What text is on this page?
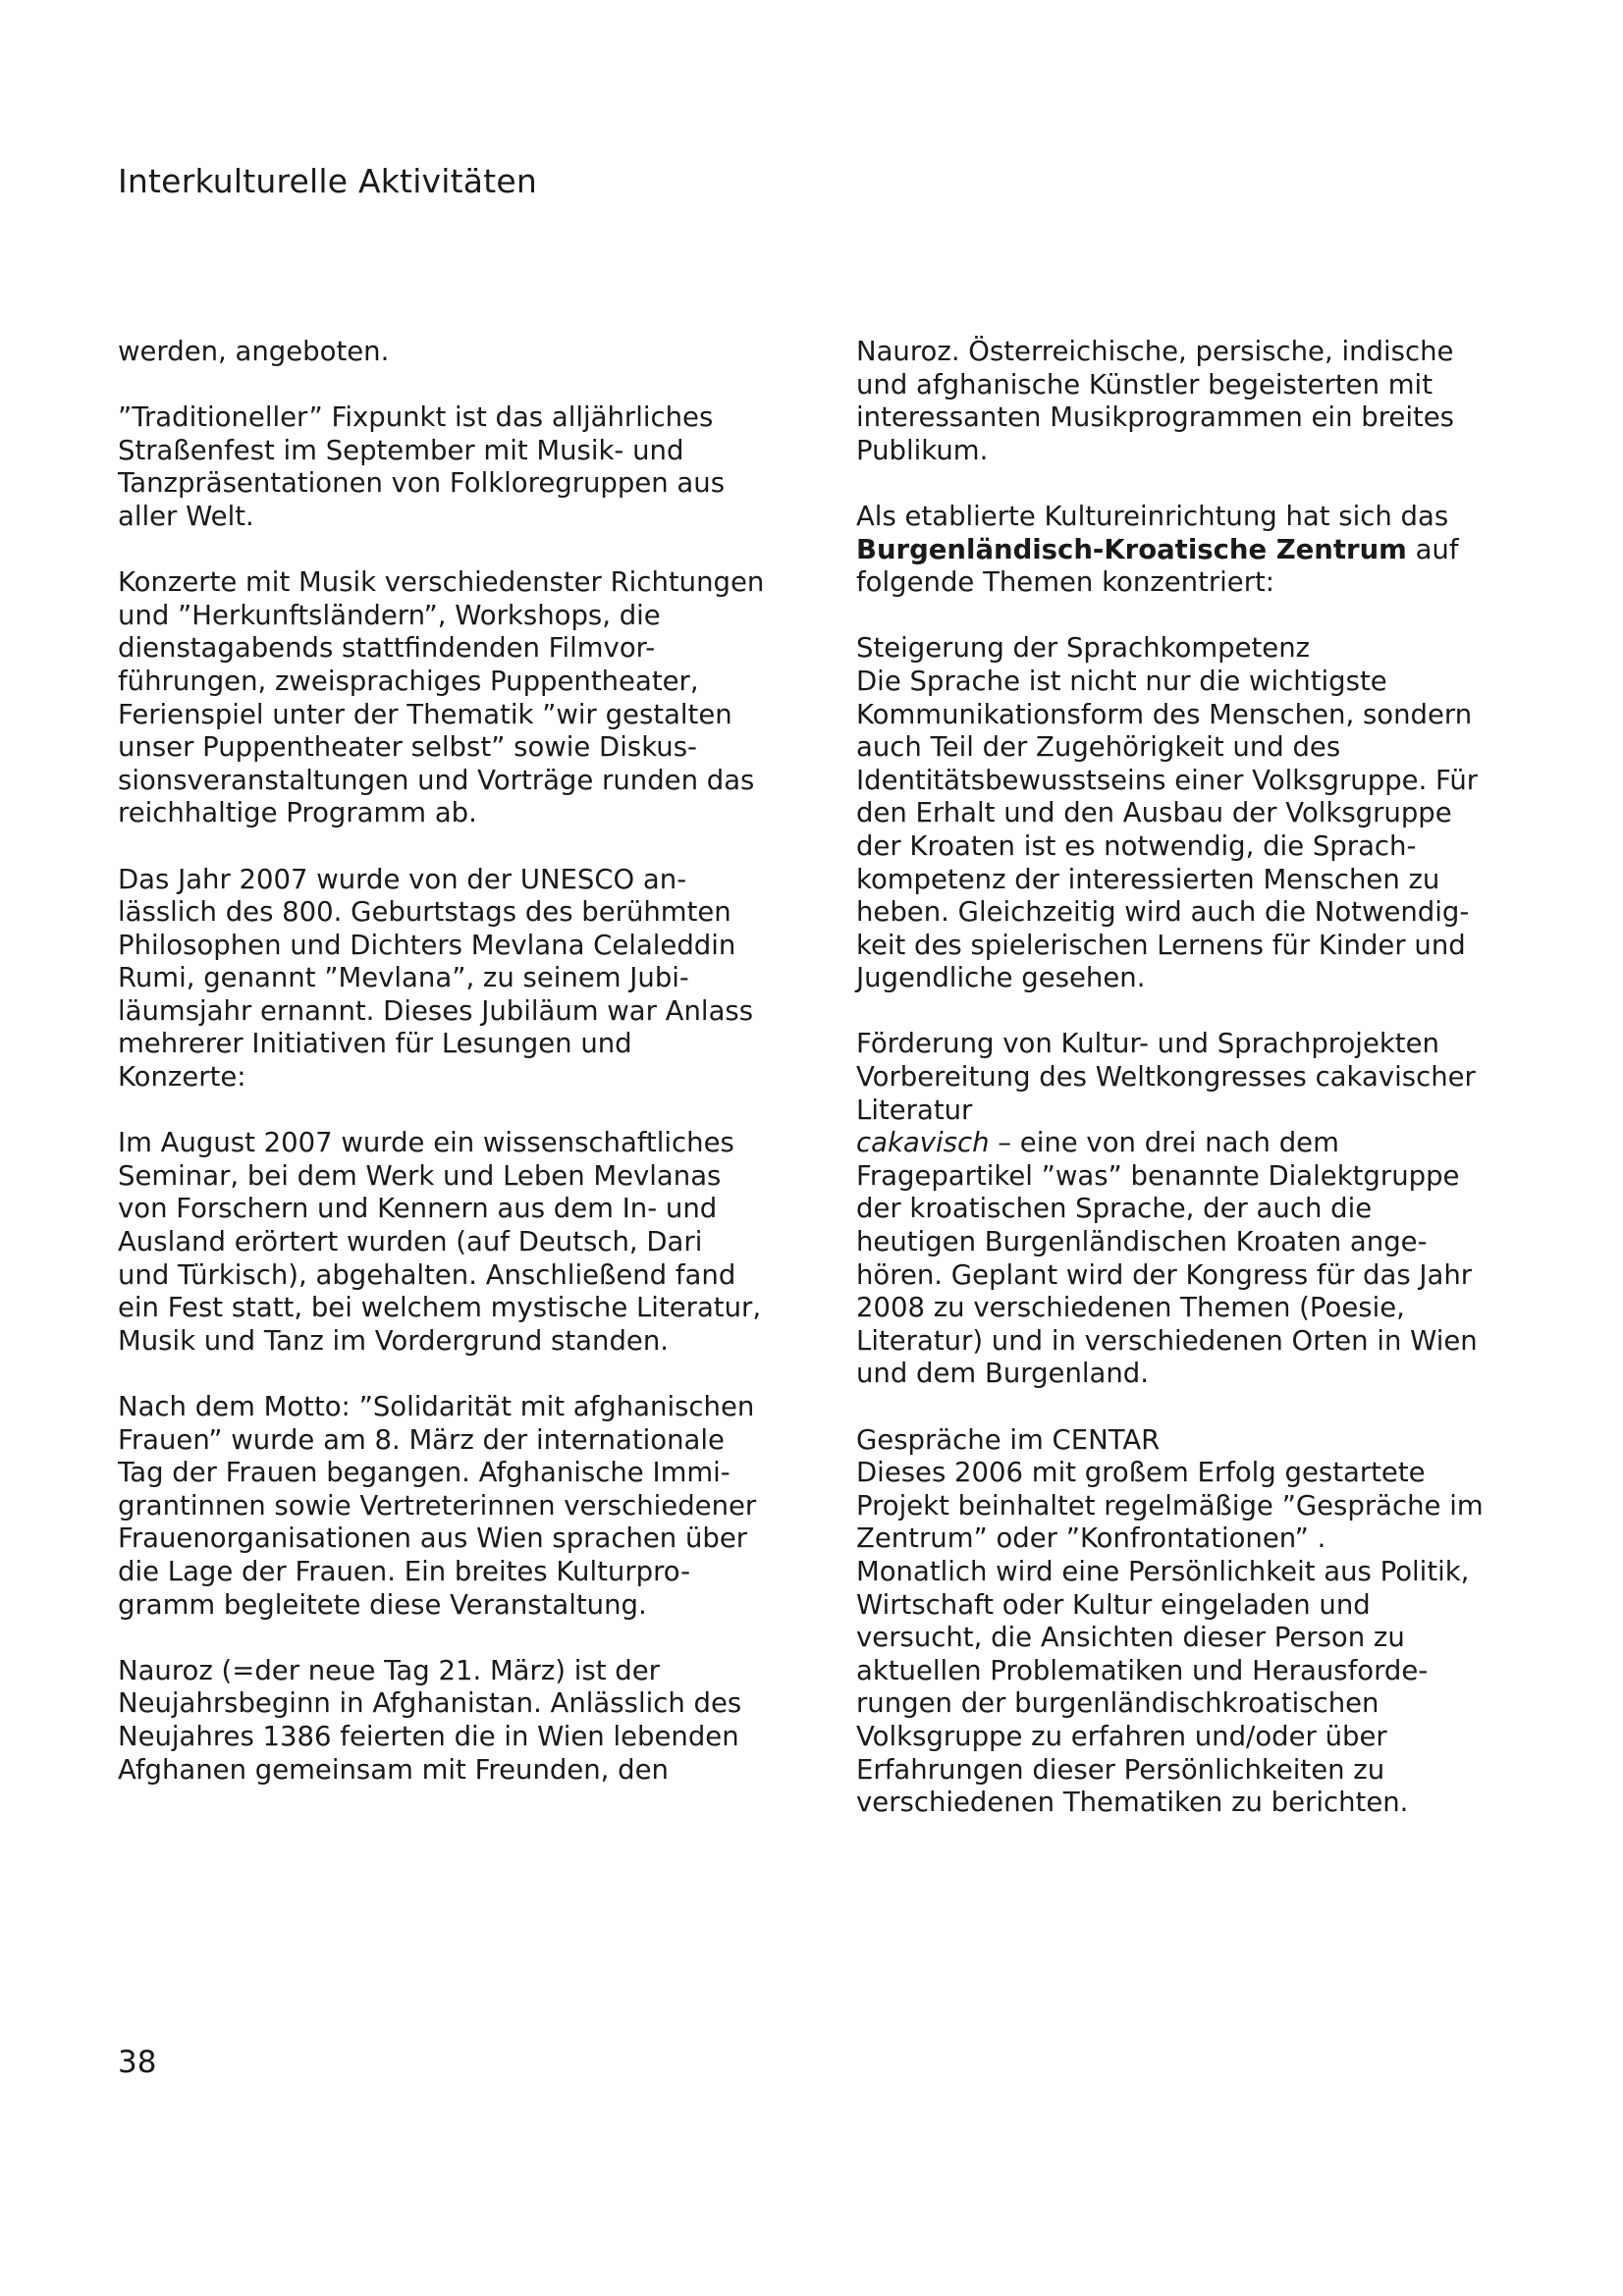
Interkulturelle Aktivitäten
werden, angeboten.
”Traditioneller” Fixpunkt ist das alljährliches
Straßenfest im September mit Musik- und
Tanzpräsentationen von Folkloregruppen aus
aller Welt.
Konzerte mit Musik verschiedenster Richtungen
und ”Herkunftsländern”, Workshops, die
dienstagabends stattfindenden Filmvor-
führungen, zweisprachiges Puppentheater,
Ferienspiel unter der Thematik ”wir gestalten
unser Puppentheater selbst” sowie Diskus-
sionsveranstaltungen und Vorträge runden das
reichhaltige Programm ab.
Das Jahr 2007 wurde von der UNESCO an-
lässlich des 800. Geburtstags des berühmten
Philosophen und Dichters Mevlana Celaleddin
Rumi, genannt ”Mevlana”, zu seinem Jubi-
läumsjahr ernannt. Dieses Jubiläum war Anlass
mehrerer Initiativen für Lesungen und
Konzerte:
Im August 2007 wurde ein wissenschaftliches
Seminar, bei dem Werk und Leben Mevlanas
von Forschern und Kennern aus dem In- und
Ausland erörtert wurden (auf Deutsch, Dari
und Türkisch), abgehalten. Anschließend fand
ein Fest statt, bei welchem mystische Literatur,
Musik und Tanz im Vordergrund standen.
Nach dem Motto: ”Solidarität mit afghanischen
Frauen” wurde am 8. März der internationale
Tag der Frauen begangen. Afghanische Immi-
grantinnen sowie Vertreterinnen verschiedener
Frauenorganisationen aus Wien sprachen über
die Lage der Frauen. Ein breites Kulturpro-
gramm begleitete diese Veranstaltung.
Nauroz (=der neue Tag 21. März) ist der
Neujahrsbeginn in Afghanistan. Anlässlich des
Neujahres 1386 feierten die in Wien lebenden
Afghanen gemeinsam mit Freunden, den
Nauroz. Österreichische, persische, indische
und afghanische Künstler begeisterten mit
interessanten Musikprogrammen ein breites
Publikum.
Als etablierte Kultureinrichtung hat sich das
Burgenländisch-Kroatische Zentrum auf
folgende Themen konzentriert:
Steigerung der Sprachkompetenz
Die Sprache ist nicht nur die wichtigste
Kommunikationsform des Menschen, sondern
auch Teil der Zugehörigkeit und des
Identitätsbewusstseins einer Volksgruppe. Für
den Erhalt und den Ausbau der Volksgruppe
der Kroaten ist es notwendig, die Sprach-
kompetenz der interessierten Menschen zu
heben. Gleichzeitig wird auch die Notwendig-
keit des spielerischen Lernens für Kinder und
Jugendliche gesehen.
Förderung von Kultur- und Sprachprojekten
Vorbereitung des Weltkongresses cakavischer
Literatur
cakavisch – eine von drei nach dem
Fragepartikel ”was” benannte Dialektgruppe
der kroatischen Sprache, der auch die
heutigen Burgenländischen Kroaten ange-
hören. Geplant wird der Kongress für das Jahr
2008 zu verschiedenen Themen (Poesie,
Literatur) und in verschiedenen Orten in Wien
und dem Burgenland.
Gespräche im CENTAR
Dieses 2006 mit großem Erfolg gestartete
Projekt beinhaltet regelmäßige ”Gespräche im
Zentrum” oder ”Konfrontationen” .
Monatlich wird eine Persönlichkeit aus Politik,
Wirtschaft oder Kultur eingeladen und
versucht, die Ansichten dieser Person zu
aktuellen Problematiken und Herausforde-
rungen der burgenländischkroatischen
Volksgruppe zu erfahren und/oder über
Erfahrungen dieser Persönlichkeiten zu
verschiedenen Thematiken zu berichten.
38
